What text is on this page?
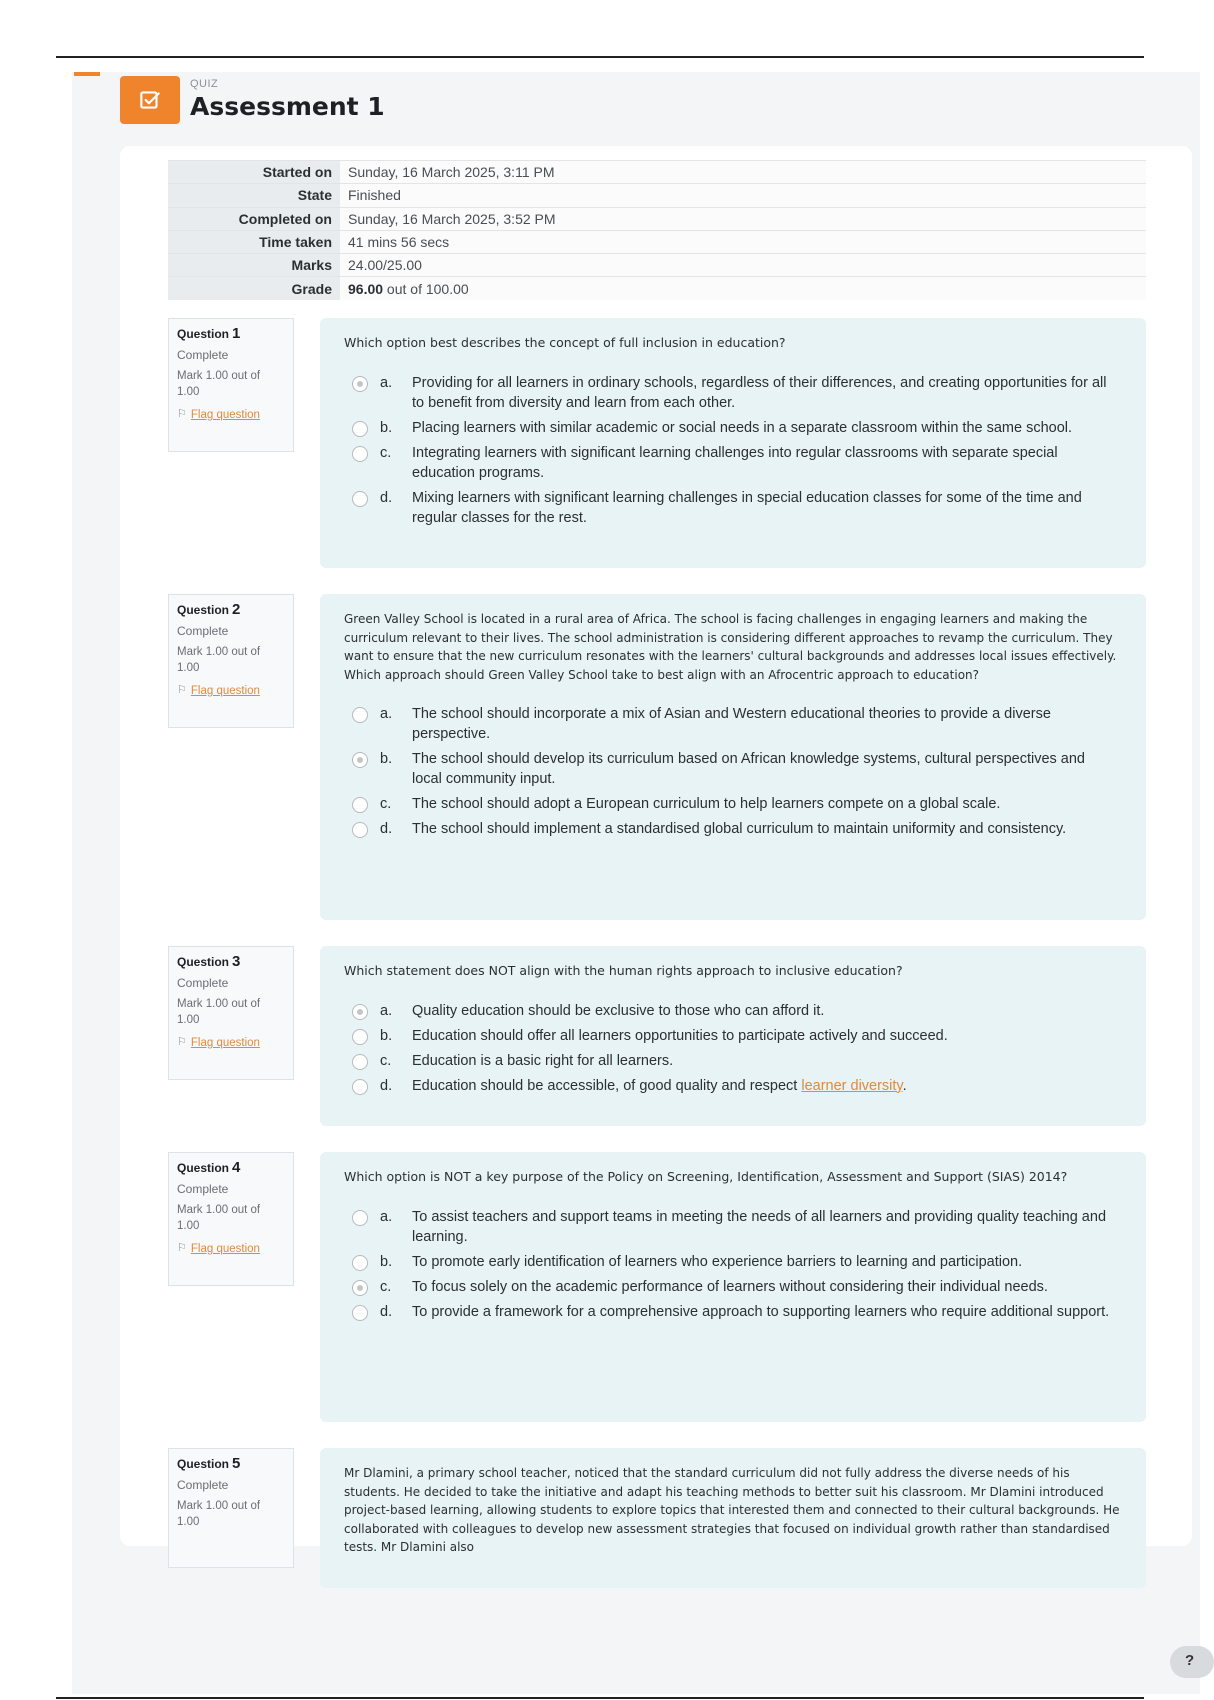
QUIZ
Assessment 1
Started on	Sunday, 16 March 2025, 3:11 PM
State	Finished
Completed on	Sunday, 16 March 2025, 3:52 PM
Time taken	41 mins 56 secs
Marks	24.00/25.00
Grade	96.00 out of 100.00
Question 1
Complete
Mark 1.00 out of 1.00
⚐ Flag question
Which option best describes the concept of full inclusion in education?
a.	Providing for all learners in ordinary schools, regardless of their differences, and creating opportunities for all to benefit from diversity and learn from each other.
b.	Placing learners with similar academic or social needs in a separate classroom within the same school.
c.	Integrating learners with significant learning challenges into regular classrooms with separate special education programs.
d.	Mixing learners with significant learning challenges in special education classes for some of the time and regular classes for the rest.
Question 2
Complete
Mark 1.00 out of 1.00
⚐ Flag question
Green Valley School is located in a rural area of Africa. The school is facing challenges in engaging learners and making the curriculum relevant to their lives. The school administration is considering different approaches to revamp the curriculum. They want to ensure that the new curriculum resonates with the learners' cultural backgrounds and addresses local issues effectively. Which approach should Green Valley School take to best align with an Afrocentric approach to education?
a.	The school should incorporate a mix of Asian and Western educational theories to provide a diverse perspective.
b.	The school should develop its curriculum based on African knowledge systems, cultural perspectives and local community input.
c.	The school should adopt a European curriculum to help learners compete on a global scale.
d.	The school should implement a standardised global curriculum to maintain uniformity and consistency.
Question 3
Complete
Mark 1.00 out of 1.00
⚐ Flag question
Which statement does NOT align with the human rights approach to inclusive education?
a.	Quality education should be exclusive to those who can afford it.
b.	Education should offer all learners opportunities to participate actively and succeed.
c.	Education is a basic right for all learners.
d.	Education should be accessible, of good quality and respect learner diversity.
Question 4
Complete
Mark 1.00 out of 1.00
⚐ Flag question
Which option is NOT a key purpose of the Policy on Screening, Identification, Assessment and Support (SIAS) 2014?
a.	To assist teachers and support teams in meeting the needs of all learners and providing quality teaching and learning.
b.	To promote early identification of learners who experience barriers to learning and participation.
c.	To focus solely on the academic performance of learners without considering their individual needs.
d.	To provide a framework for a comprehensive approach to supporting learners who require additional support.
Question 5
Complete
Mark 1.00 out of 1.00
Mr Dlamini, a primary school teacher, noticed that the standard curriculum did not fully address the diverse needs of his students. He decided to take the initiative and adapt his teaching methods to better suit his classroom. Mr Dlamini introduced project-based learning, allowing students to explore topics that interested them and connected to their cultural backgrounds. He collaborated with colleagues to develop new assessment strategies that focused on individual growth rather than standardised tests. Mr Dlamini also
?
